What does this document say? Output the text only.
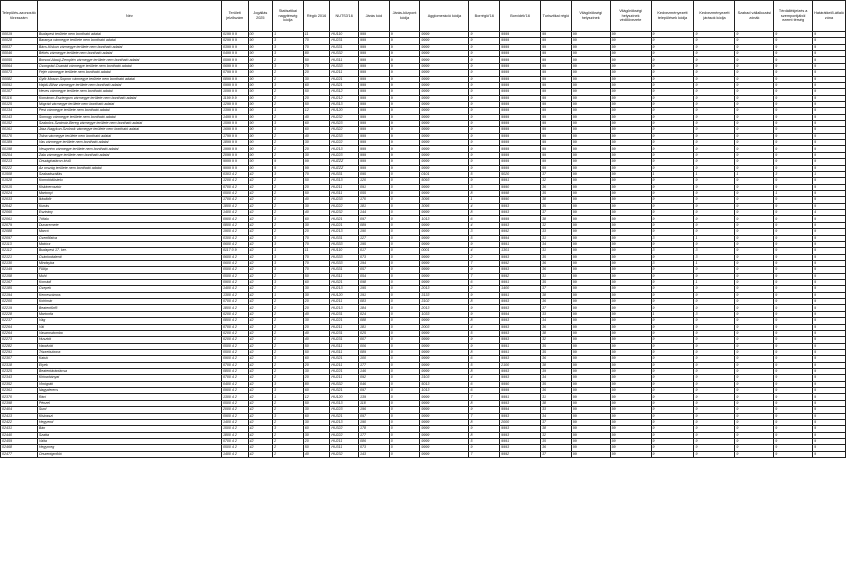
Település-azonosító törzsszám	Név	Területi jelzőszám	Jogállás 2025	Statisztikai nagytérség kódja	Régió 2016	NUTS3'16	Járás kód	Járás-központ kódja	Agglomeráció kódja	Borrégió'16	Borvidék'16	Turisztikai régió	Világörökségi helyszínek	Világörökségi helyszínek védőövezete	Kedvezményezett települések kódja	Kedvezményezett járások kódja	Szabad vállalkozási zónák	Térdállékjelzés a szempontjából ezemt térség	Határátkelő-átlaló zóna
00019	Budapest területe nem bontható adatai	0199 9 9	00	1	11	HU110	999	9	9999	9	9999	99	99	99	9	9	9	9	9
00028	Baranya vármegye területe nem bontható adatai	0299 9 9	90	3	70	HU231	999	9	9999	9	9999	99	99	99	9	9	9	9	9
00037	Bács-Kiskun vármegye területe nem bontható adatai	0399 9 9	90	3	70	HU331	999	9	9999	9	9999	99	99	99	9	9	9	9	9
00046	Békés vármegye területe nem bontható adatai	0499 9 9	90	3	80	HU332	999	9	9999	9	9999	99	99	99	9	9	9	9	9
00055	Borsod-Abaúj-Zemplén vármegye területe nem bontható adatai	0599 9 9	90	2	50	HU311	999	9	9999	9	9999	99	99	99	9	9	9	9	9
00064	Csongrád-Csanád vármegye területe nem bontható adatai	0699 9 9	90	3	70	HU333	999	9	9999	9	9999	99	99	99	9	9	9	9	9
00073	Fejér vármegye területe nem bontható adatai	0799 9 9	90	2	20	HU211	999	9	9999	9	9999	99	99	99	9	9	9	9	9
00082	Győr-Moson-Sopron vármegye területe nem bontható adatai	0899 9 9	90	2	30	HU221	999	9	9999	9	9999	99	99	99	9	9	9	9	9
00091	Hajdú-Bihar vármegye területe nem bontható adatai	0999 9 9	90	3	60	HU321	999	9	9999	9	9999	99	99	99	9	9	9	9	9
00107	Heves vármegye területe nem bontható adatai	1099 9 9	90	2	50	HU312	999	9	9999	9	9999	99	99	99	9	9	9	9	9
00116	Komárom-Esztergom vármegye területe nem bontható adatai	1199 9 9	90	2	20	HU212	999	9	9999	9	9999	99	99	99	9	9	9	9	9
00125	Nógrád vármegye területe nem bontható adatai	1299 9 9	90	2	50	HU313	999	9	9999	9	9999	99	99	99	9	9	9	9	9
00134	Pest vármegye területe nem bontható adatai	1399 9 9	90	1	12	HU120	999	9	9999	9	9999	99	99	99	9	9	9	9	9
00143	Somogy vármegye területe nem bontható adatai	1499 9 9	90	2	40	HU232	999	9	9999	9	9999	99	99	99	9	9	9	9	9
00152	Szabolcs-Szatmár-Bereg vármegye területe nem bontható adatai	1599 9 9	90	3	60	HU323	999	9	9999	9	9999	99	99	99	9	9	9	9	9
00161	Jász-Nagykun-Szolnok vármegye területe nem bontható adatai	1699 9 9	90	3	60	HU322	999	9	9999	9	9999	99	99	99	9	9	9	9	9
00170	Tolna vármegye területe nem bontható adatai	1799 9 9	90	2	40	HU233	999	9	9999	9	9999	99	99	99	9	9	9	9	9
00189	Vas vármegye területe nem bontható adatai	1899 9 9	90	2	30	HU222	999	9	9999	9	9999	99	99	99	9	9	9	9	9
00198	Veszprém vármegye területe nem bontható adatai	1999 9 9	90	2	20	HU213	999	9	9999	9	9999	99	99	99	9	9	9	9	9
00204	Zala vármegye területe nem bontható adatai	2099 9 9	90	2	30	HU223	999	9	9999	9	9999	99	99	99	9	9	9	9	9
00213	Országhatáron kívül	9999 9 9	90	9	99	HUZZZ	999	9	9999	9	9999	99	99	99	9	9	9	9	9
00222	Az ország területe nem bontható adatai	9999 9 9	90	9	99	HUZZZ	999	9	9999	9	9999	99	99	99	9	9	9	9	9
01508	Szabadszállás	0303 4 2	42	3	70	HU331	095	0	0101	5	5020	37	99	99	1	1	1	3	1
01528	Komolódüstelu	1200 4 2	42	2	50	HU313	120	0	5093	9	9991	32	99	99	9	9	9	9	9
02015	Kiskinerosztúr	0700 4 2	42	2	20	HU211	091	0	9999	3	9990	36	99	99	9	9	9	9	9
02024	Martonyi	0500 4 2	42	2	50	HU311	055	0	9999	8	9998	35	99	99	9	9	9	1	9
02033	Iklodbőr	1700 4 2	42	2	40	HU233	170	0	3095	1	9990	38	99	99	9	9	9	9	9
02042	Kunás	1800 4 2	42	2	30	HU222	181	0	3095	4	9993	35	99	99	9	9	9	9	9
02060	Esztrány	1400 4 2	42	2	40	HU232	144	0	9999	8	9993	37	99	99	9	9	9	9	4
02061	Tófalu	0900 4 2	42	3	60	HU321	097	0	1013	6	9999	38	99	99	9	9	9	9	9
02079	Dunaremete	0800 4 2	42	2	30	HU221	089	0	9999	4	9993	32	99	99	9	9	9	9	9
02088	Marcó	1900 4 2	42	2	20	HU213	190	0	9999	3	9992	33	99	99	9	9	9	9	9
02097	Csertőfalva	0300 4 2	42	3	70	HU331	127	0	9999	5	9994	31	99	99	3	1	9	9	9
02113	Matócz	0600 4 2	42	3	70	HU333	195	0	9999	9	9991	34	99	99	9	9	9	9	9
02112	Budapest 17. ker.	0117 0 9	42	1	11	HU110	017	0	0001	4	1301	31	99	99	3	3	9	9	9
02121	Csánkodalenti	0600 4 2	42	3	70	HU333	073	0	9999	2	9993	35	99	99	9	3	9	9	9
02130	Mindsyba	0600 4 2	42	3	70	HU333	194	0	9999	7	9992	36	99	99	3	1	9	9	9
02149	Fülöp	0500 4 2	42	3	70	HU331	057	0	9999	9	9993	36	99	99	9	9	9	9	9
02158	Muhi	0500 4 2	42	2	50	HU311	054	0	9999	7	9992	31	99	99	9	9	9	9	9
02167	Komádi	0900 4 2	42	3	60	HU321	098	0	9999	6	9991	35	99	99	9	1	9	9	9
02185	Csepek	1400 4 2	42	2	30	HU213	195	0	2013	2	1400	37	99	99	9	9	9	9	9
02194	Kemesvámos	1300 4 2	42	1	30	HU120	191	0	3133	9	9991	38	99	99	9	9	9	9	9
02200	Kohlmár	0700 4 2	42	2	20	HU211	083	0	3102	8	9993	36	99	99	9	9	9	9	9
02219	Beatenfürfő	1800 4 2	42	2	20	HU213	184	0	2013	9	9993	37	99	99	9	9	9	9	9
02228	Martonfa	0200 4 2	42	2	40	HU231	024	0	1033	9	9994	33	99	99	1	3	9	9	9
02237	Vág	0800 4 2	42	2	30	HU221	088	0	9999	8	9993	34	99	99	9	9	9	9	9
02264	Vál	0700 4 2	42	2	20	HU211	181	0	2003	4	9993	36	99	99	9	9	9	9	9
02264	Vasarosdombo	0200 4 2	42	2	40	HU231	025	0	9999	5	9993	38	99	99	9	9	9	9	9
02273	Husztót	0200 4 2	42	2	40	HU231	007	0	9999	9	9993	32	99	99	9	9	9	9	9
02282	Haodvóti	0500 4 2	42	2	50	HU311	006	0	9999	9	9991	35	99	99	9	9	9	9	9
02291	Trizzebubona	0500 4 2	42	2	50	HU311	089	0	9999	8	9991	35	99	99	9	9	9	9	9
02307	Katuk	0900 4 2	42	3	60	HU321	100	0	9999	6	9993	36	99	99	9	9	9	9	9
02318	Etyek	0700 4 2	42	2	20	HU211	177	0	9999	5	2100	38	99	99	9	9	9	9	9
02325	Beatentárántácsa	0800 4 2	42	2	30	HU221	146	0	9999	8	9993	39	99	99	9	9	9	9	9
02343	Kiriowbányai	0700 4 2	42	2	20	HU211	092	0	3103	4	9993	34	99	99	9	9	9	9	9
02352	Vinógráti	0400 4 2	42	3	80	HU332	046	0	5013	6	9990	35	99	99	9	9	9	9	9
02361	Nagyderecs	0900 4 2	42	3	60	HU321	097	0	1013	6	9999	36	99	99	9	9	9	9	9
02370	Ráci	1300 4 2	42	1	12	HU120	139	0	9999	7	9991	31	99	99	9	9	9	9	9
02398	Pénzel	0500 4 2	42	2	50	HU313	118	0	9999	8	9993	38	99	99	9	9	9	9	9
02404	Surd	2000 4 2	42	2	30	HU223	196	0	9999	9	9994	33	99	99	9	9	9	9	9
02413	Kisiosszi	0900 4 2	42	3	60	HU321	097	0	9999	7	9993	34	99	99	9	9	9	9	9
02422	Hegyend	1400 4 2	42	2	30	HU213	190	0	9999	8	2000	37	99	99	9	9	9	9	9
02431	Bán	1500 4 2	42	3	60	HU322	178	0	9999	9	9993	38	99	99	9	9	9	9	9
02440	Szatta	1800 4 2	42	2	30	HU222	177	0	9999	8	9993	32	99	99	9	9	9	9	9
02459	Vaita	0700 4 2	42	2	20	HU211	086	0	9999	5	9991	35	99	99	9	9	9	9	9
02468	Hegymeg	0500 4 2	42	2	50	HU311	073	0	9999	9	9993	36	99	99	9	9	9	9	9
02477	Őrszentgmikló	1400 4 2	42	2	40	HU232	143	0	9999	7	9992	37	99	99	9	9	9	9	9
